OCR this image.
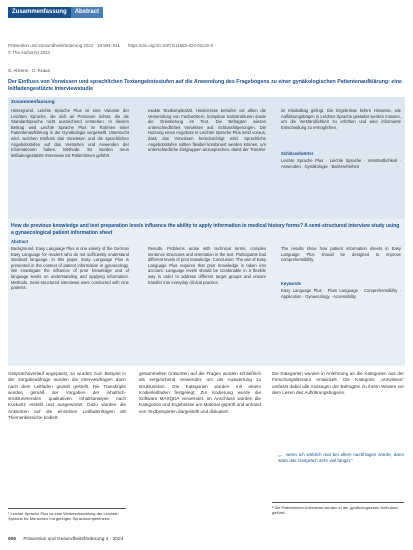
Zusammenfassung	Abstract
Prävention und Gesundheitsförderung 2024 · 19:504–511 https://doi.org/10.1007/s11553-024-01132-0
© The Author(s) 2024
S. Ahrens · C. Kraus

Der Einfluss von Vorwissen und sprachlichen Textangebotsstufen auf die Anwendung des Fragebogens zu einer gynäkologischen Patientenaufklärung: eine leitfadengestützte Interviewstudie

Zusammenfassung
Hintergrund. Leichte Sprache Plus ist eine Variante der Leichten Sprache, die sich an Personen richtet, die die Standardsprache nicht ausreichend verstehen. In diesem Beitrag wird Leichte Sprache Plus im Rahmen einer Patientenaufklärung in der Gynäkologie vorgestellt. Untersucht wird, welchen Einfluss das Vorwissen und die sprachlichen Angebotsstufen auf das Verstehen und Anwenden der Informationen haben. Methode. Es wurden neun leitfadengestützte Interviews mit Patientinnen geführt.
exakte Textkomplexität. Hindernisse betrafen vor allem die Verwendung von Fachwörtern, komplexe Satzstrukturen sowie die Orientierung im Text. Die Befragten wiesen unterschiedliches Vorwissen auf. Schlussfolgerungen. Die Nutzung eines Angebots in Leichter Sprache Plus setzt voraus, dass das Vorwissen berücksichtigt wird. Sprachliche Angebotsstufen sollten flexibel kombiniert werden können, um unterschiedliche Zielgruppen anzusprechen, damit der Transfer
im Klinikalltag gelingt. Die Ergebnisse liefern Hinweise, wie Aufklärungsbögen in Leichter Sprache gestaltet werden müssen, um die Verständlichkeit zu erhöhen und eine informierte Entscheidung zu ermöglichen.
Schlüsselwörter
Leichte Sprache Plus · Leichte Sprache · Verständlichkeit · Anwenden · Gynäkologie · Barrierefreiheit

How do previous knowledge and text preparation levels influence the ability to apply information in medical history forms? A semi-structured interview study using a gynaecological patient information sheet

Abstract
Background. Easy Language Plus is one variety of the German Easy Language for readers who do not sufficiently understand standard language. In this paper, Easy Language Plus is presented in the context of patient information in gynaecology. We investigate the influence of prior knowledge and of language levels on understanding and applying information. Methods. Semi-structured interviews were conducted with nine patients.
Results. Problems arose with technical terms, complex sentence structures and orientation in the text. Participants had different levels of prior knowledge. Conclusion. The use of Easy Language Plus requires that prior knowledge is taken into account. Language levels should be combinable in a flexible way in order to address different target groups and ensure transfer into everyday clinical practice.
The results show how patient information sheets in Easy Language Plus should be designed to improve comprehensibility.
Keywords
Easy Language Plus · Plain Language · Comprehensibility · Application · Gynaecology · Accessibility
Gesprächsverlauf angepasst, so wurden zum Beispiel in der Vorgabeabfrage wurden die Interviewfragen dann nach dem Leitfaden gezielt gestellt. Die Transkripte wurden gemäß der Vorgaben der inhaltlich-strukturierenden qualitativen Inhaltsanalyse nach Kuckartz erstellt und ausgewertet. Dazu wurden die Antworten auf die einzelnen Leitfadenfragen als Themenbereiche kodiert.
gesammelten Antworten auf die Fragen wurden schließlich als vergleichend verwendet, um die Auswertung zu strukturieren. Die Kategorien wurden mit einem Kodierleitfaden festgelegt. Zur Kodierung wurde die Software MAXQDA verwendet. Im Anschluss wurden die Kategorien und Ergebnisse am Material geprüft und anhand von Textbeispielen dargestellt und diskutiert.
Die Kategorien wurden in Anlehnung an die Kategorien aus der Forschungsliteratur entwickelt. Die Kategorie „Vorwissen“ umfasst dabei alle Aussagen der Befragten zu ihrem Wissen vor dem Lesen des Aufklärungsbogens.
„… wenn ich wirklich mal bei allem nachfragen würde, dann wäre das Gespräch sehr viel länger.“
¹ Leichte Sprache Plus ist eine Weiterentwicklung der Leichten Sprache für Menschen mit geringen Sprachkompetenzen.
² Die Patientinnen-Interviews wurden in der gynäkologischen Ambulanz geführt.
506 Prävention und Gesundheitsförderung 4 · 2024
